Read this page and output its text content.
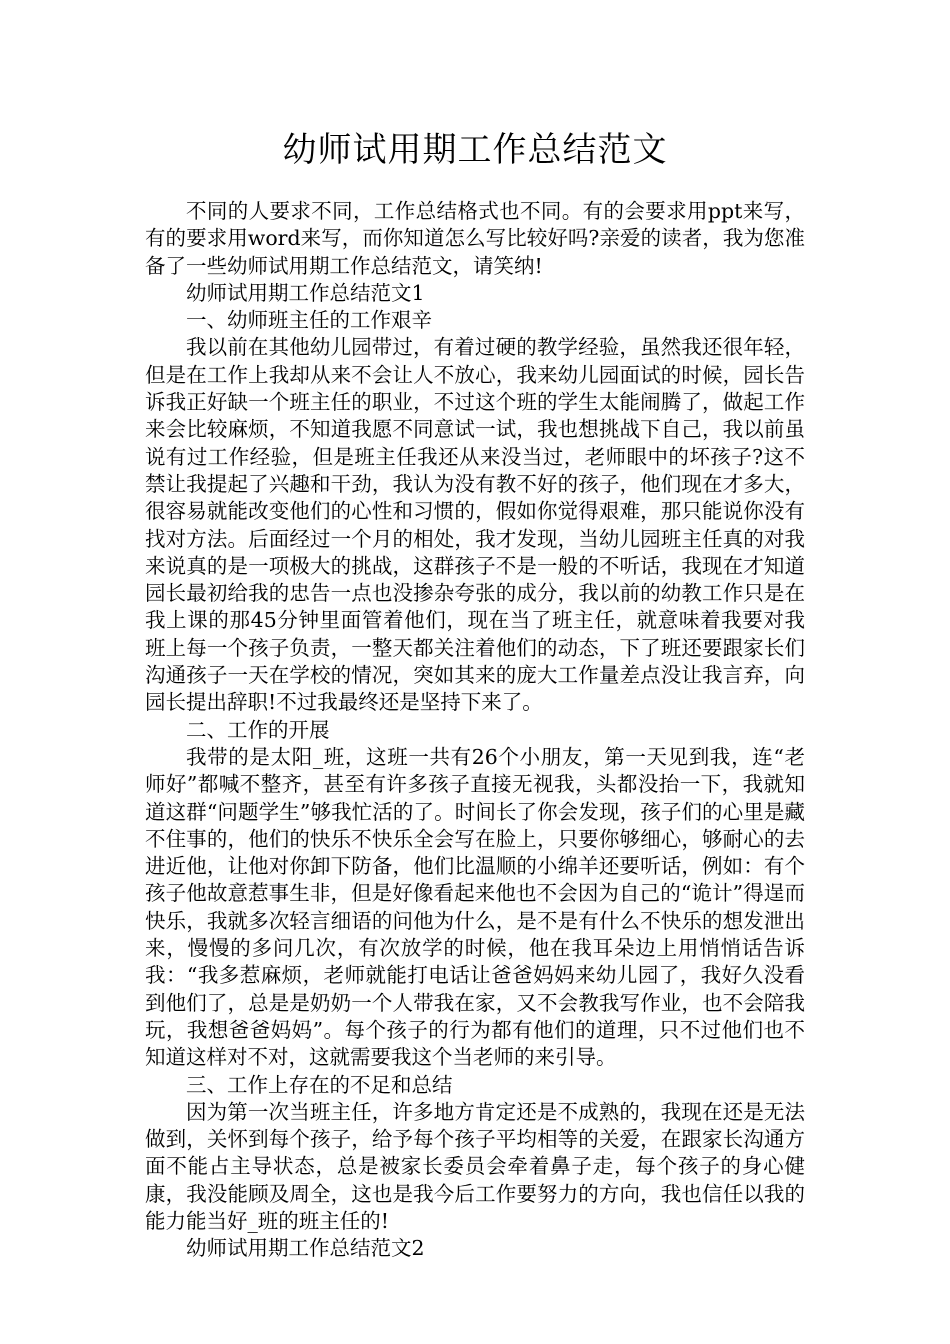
幼师试用期工作总结范文

不同的人要求不同，工作总结格式也不同。有的会要求用ppt来写，有的要求用word来写，而你知道怎么写比较好吗?亲爱的读者，我为您准备了一些幼师试用期工作总结范文，请笑纳!

幼师试用期工作总结范文1

一、幼师班主任的工作艰辛

我以前在其他幼儿园带过，有着过硬的教学经验，虽然我还很年轻，但是在工作上我却从来不会让人不放心，我来幼儿园面试的时候，园长告诉我正好缺一个班主任的职业，不过这个班的学生太能闹腾了，做起工作来会比较麻烦，不知道我愿不同意试一试，我也想挑战下自己，我以前虽说有过工作经验，但是班主任我还从来没当过，老师眼中的坏孩子?这不禁让我提起了兴趣和干劲，我认为没有教不好的孩子，他们现在才多大，很容易就能改变他们的心性和习惯的，假如你觉得艰难，那只能说你没有找对方法。后面经过一个月的相处，我才发现，当幼儿园班主任真的对我来说真的是一项极大的挑战，这群孩子不是一般的不听话，我现在才知道园长最初给我的忠告一点也没掺杂夸张的成分，我以前的幼教工作只是在我上课的那45分钟里面管着他们，现在当了班主任，就意味着我要对我班上每一个孩子负责，一整天都关注着他们的动态，下了班还要跟家长们沟通孩子一天在学校的情况，突如其来的庞大工作量差点没让我言弃，向园长提出辞职!不过我最终还是坚持下来了。

二、工作的开展

我带的是太阳_班，这班一共有26个小朋友，第一天见到我，连“老师好”都喊不整齐，甚至有许多孩子直接无视我，头都没抬一下，我就知道这群“问题学生”够我忙活的了。时间长了你会发现，孩子们的心里是藏不住事的，他们的快乐不快乐全会写在脸上，只要你够细心，够耐心的去进近他，让他对你卸下防备，他们比温顺的小绵羊还要听话，例如：有个孩子他故意惹事生非，但是好像看起来他也不会因为自己的“诡计”得逞而快乐，我就多次轻言细语的问他为什么，是不是有什么不快乐的想发泄出来，慢慢的多问几次，有次放学的时候，他在我耳朵边上用悄悄话告诉我：“我多惹麻烦，老师就能打电话让爸爸妈妈来幼儿园了，我好久没看到他们了，总是是奶奶一个人带我在家，又不会教我写作业，也不会陪我玩，我想爸爸妈妈”。每个孩子的行为都有他们的道理，只不过他们也不知道这样对不对，这就需要我这个当老师的来引导。

三、工作上存在的不足和总结

因为第一次当班主任，许多地方肯定还是不成熟的，我现在还是无法做到，关怀到每个孩子，给予每个孩子平均相等的关爱，在跟家长沟通方面不能占主导状态，总是被家长委员会牵着鼻子走，每个孩子的身心健康，我没能顾及周全，这也是我今后工作要努力的方向，我也信任以我的能力能当好_班的班主任的!

幼师试用期工作总结范文2
